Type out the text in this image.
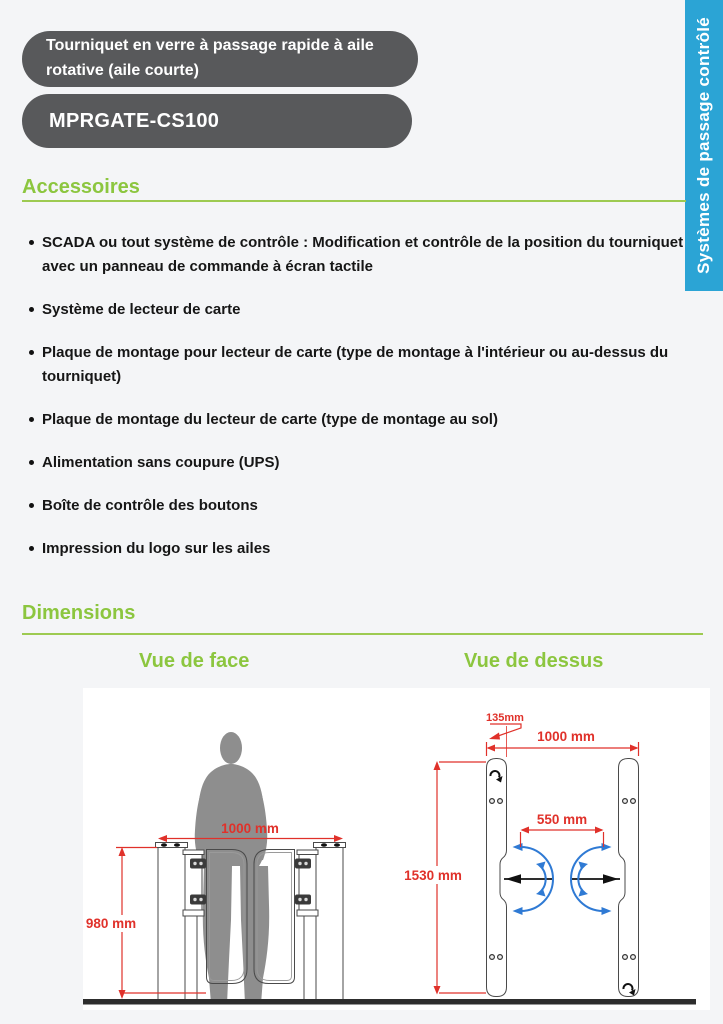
Systèmes de passage contrôlé
Tourniquet en verre à passage rapide à aile rotative (aile courte)
MPRGATE-CS100
Accessoires
SCADA ou tout système de contrôle : Modification et contrôle de la position du tourniquet avec un panneau de commande à écran tactile
Système de lecteur de carte
Plaque de montage pour lecteur de carte (type de montage à l'intérieur ou au-dessus du tourniquet)
Plaque de montage du lecteur de carte (type de montage au sol)
Alimentation sans coupure (UPS)
Boîte de contrôle des boutons
Impression du logo sur les ailes
Dimensions
Vue de face	Vue de dessus
1000 mm
980 mm
135mm
1000 mm
1530 mm
550 mm
